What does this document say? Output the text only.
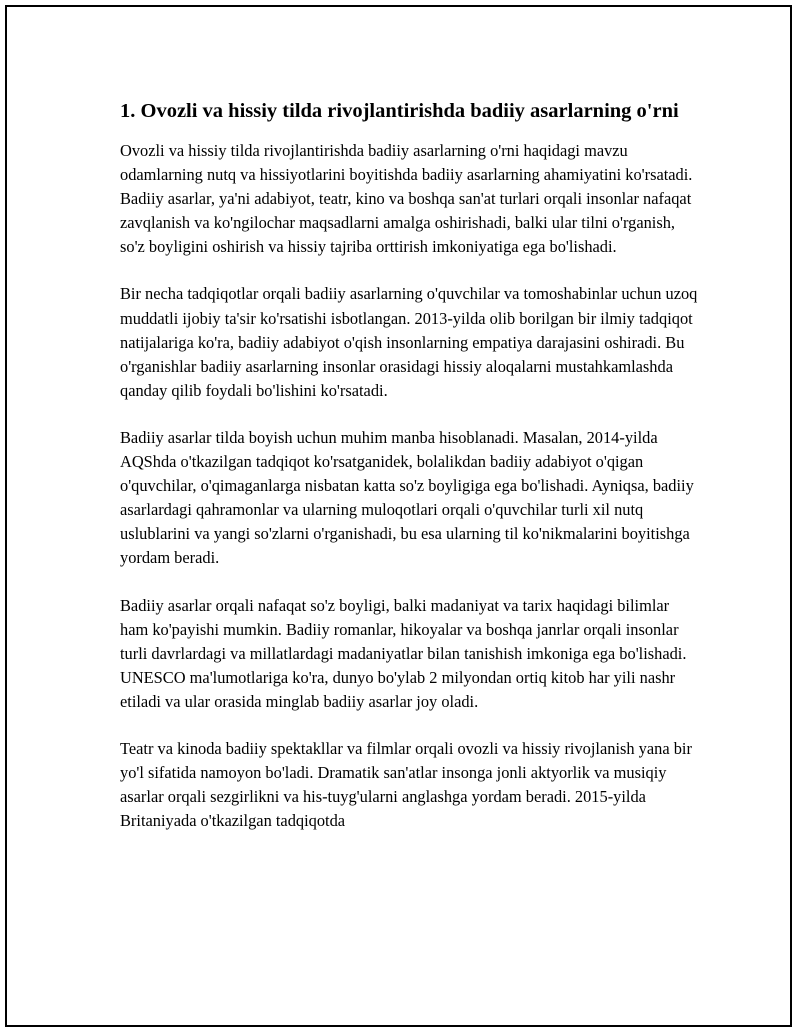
1. Ovozli va hissiy tilda rivojlantirishda badiiy asarlarning o'rni

Ovozli va hissiy tilda rivojlantirishda badiiy asarlarning o'rni haqidagi mavzu odamlarning nutq va hissiyotlarini boyitishda badiiy asarlarning ahamiyatini ko'rsatadi. Badiiy asarlar, ya'ni adabiyot, teatr, kino va boshqa san'at turlari orqali insonlar nafaqat zavqlanish va ko'ngilochar maqsadlarni amalga oshirishadi, balki ular tilni o'rganish, so'z boyligini oshirish va hissiy tajriba orttirish imkoniyatiga ega bo'lishadi.

Bir necha tadqiqotlar orqali badiiy asarlarning o'quvchilar va tomoshabinlar uchun uzoq muddatli ijobiy ta'sir ko'rsatishi isbotlangan. 2013-yilda olib borilgan bir ilmiy tadqiqot natijalariga ko'ra, badiiy adabiyot o'qish insonlarning empatiya darajasini oshiradi. Bu o'rganishlar badiiy asarlarning insonlar orasidagi hissiy aloqalarni mustahkamlashda qanday qilib foydali bo'lishini ko'rsatadi.

Badiiy asarlar tilda boyish uchun muhim manba hisoblanadi. Masalan, 2014-yilda AQShda o'tkazilgan tadqiqot ko'rsatganidek, bolalikdan badiiy adabiyot o'qigan o'quvchilar, o'qimaganlarga nisbatan katta so'z boyligiga ega bo'lishadi. Ayniqsa, badiiy asarlardagi qahramonlar va ularning muloqotlari orqali o'quvchilar turli xil nutq uslublarini va yangi so'zlarni o'rganishadi, bu esa ularning til ko'nikmalarini boyitishga yordam beradi.

Badiiy asarlar orqali nafaqat so'z boyligi, balki madaniyat va tarix haqidagi bilimlar ham ko'payishi mumkin. Badiiy romanlar, hikoyalar va boshqa janrlar orqali insonlar turli davrlardagi va millatlardagi madaniyatlar bilan tanishish imkoniga ega bo'lishadi. UNESCO ma'lumotlariga ko'ra, dunyo bo'ylab 2 milyondan ortiq kitob har yili nashr etiladi va ular orasida minglab badiiy asarlar joy oladi.

Teatr va kinoda badiiy spektakllar va filmlar orqali ovozli va hissiy rivojlanish yana bir yo'l sifatida namoyon bo'ladi. Dramatik san'atlar insonga jonli aktyorlik va musiqiy asarlar orqali sezgirlikni va his-tuyg'ularni anglashga yordam beradi. 2015-yilda Britaniyada o'tkazilgan tadqiqotda
